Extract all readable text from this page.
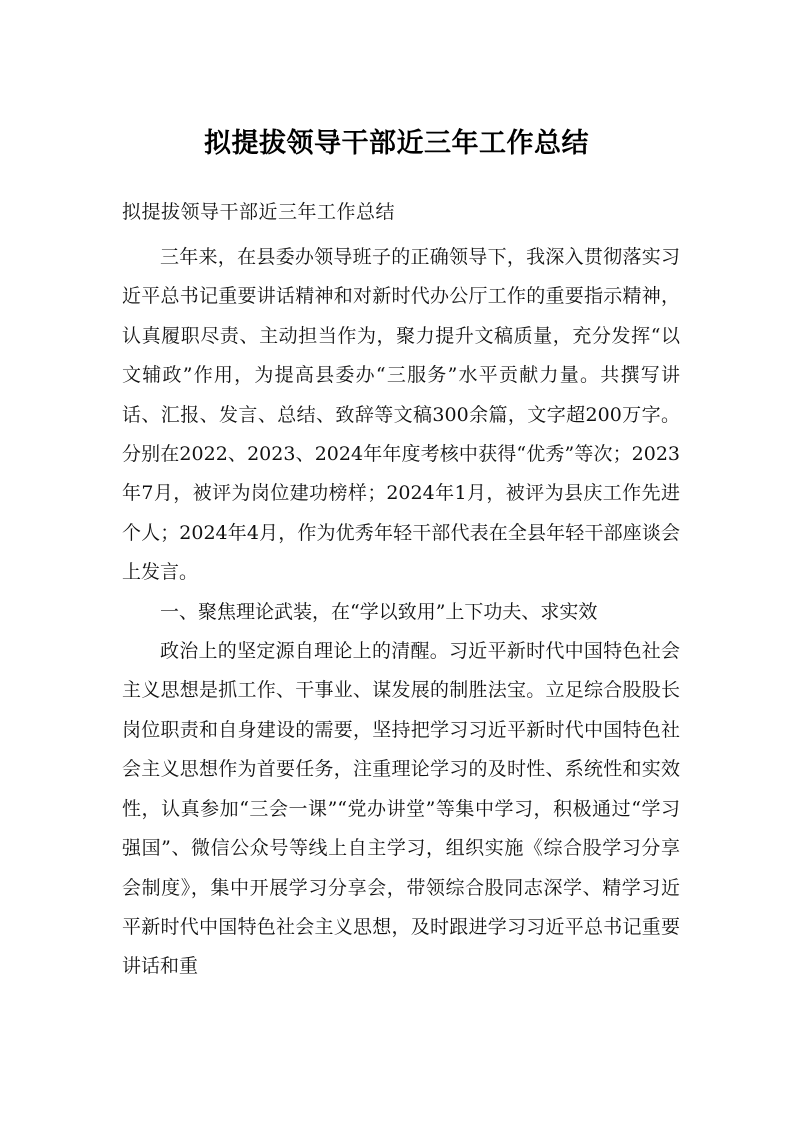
拟提拔领导干部近三年工作总结
拟提拔领导干部近三年工作总结

三年来，在县委办领导班子的正确领导下，我深入贯彻落实习近平总书记重要讲话精神和对新时代办公厅工作的重要指示精神，认真履职尽责、主动担当作为，聚力提升文稿质量，充分发挥“以文辅政”作用，为提高县委办“三服务”水平贡献力量。共撰写讲话、汇报、发言、总结、致辞等文稿300余篇，文字超200万字。分别在2022、2023、2024年年度考核中获得“优秀”等次；2023年7月，被评为岗位建功榜样；2024年1月，被评为县庆工作先进个人；2024年4月，作为优秀年轻干部代表在全县年轻干部座谈会上发言。

一、聚焦理论武装，在“学以致用”上下功夫、求实效

政治上的坚定源自理论上的清醒。习近平新时代中国特色社会主义思想是抓工作、干事业、谋发展的制胜法宝。立足综合股股长岗位职责和自身建设的需要，坚持把学习习近平新时代中国特色社会主义思想作为首要任务，注重理论学习的及时性、系统性和实效性，认真参加“三会一课”“党办讲堂”等集中学习，积极通过“学习强国”、微信公众号等线上自主学习，组织实施《综合股学习分享会制度》，集中开展学习分享会，带领综合股同志深学、精学习近平新时代中国特色社会主义思想，及时跟进学习习近平总书记重要讲话和重
